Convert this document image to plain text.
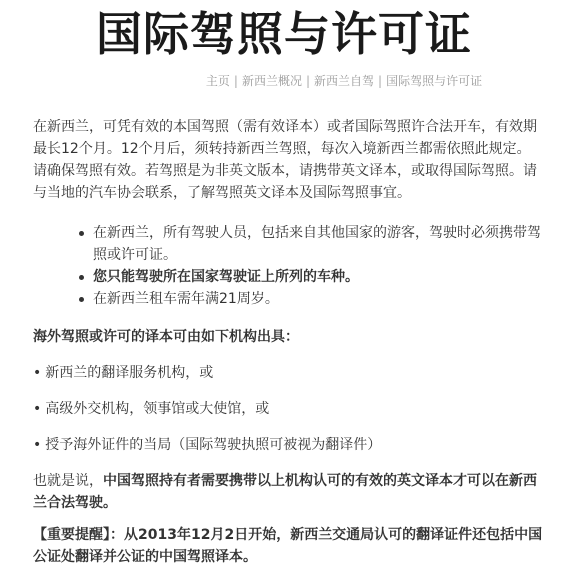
国际驾照与许可证
主页 | 新西兰概况 | 新西兰自驾 | 国际驾照与许可证

在新西兰，可凭有效的本国驾照（需有效译本）或者国际驾照许合法开车，有效期最长12个月。12个月后，须转持新西兰驾照，每次入境新西兰都需依照此规定。请确保驾照有效。若驾照是为非英文版本，请携带英文译本，或取得国际驾照。请与当地的汽车协会联系，了解驾照英文译本及国际驾照事宜。

在新西兰，所有驾驶人员，包括来自其他国家的游客，驾驶时必须携带驾照或许可证。
您只能驾驶所在国家驾驶证上所列的车种。
在新西兰租车需年满21周岁。

海外驾照或许可的译本可由如下机构出具：

• 新西兰的翻译服务机构，或

• 高级外交机构，领事馆或大使馆，或

• 授予海外证件的当局（国际驾驶执照可被视为翻译件）

也就是说，中国驾照持有者需要携带以上机构认可的有效的英文译本才可以在新西兰合法驾驶。

【重要提醒】：从2013年12月2日开始，新西兰交通局认可的翻译证件还包括中国公证处翻译并公证的中国驾照译本。
